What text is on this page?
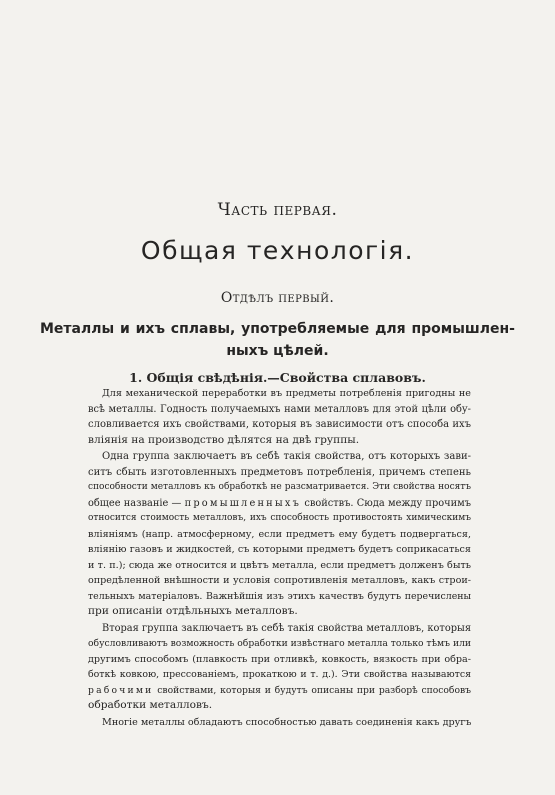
Часть первая.
Общая технологія.
Отдѣлъ первый.
Металлы и ихъ сплавы, употребляемые для промышлен-
ныхъ цѣлей.
1. Общія свѣдѣнія.—Свойства сплавовъ.
Для механической переработки въ предметы потребленія пригодны не
всѣ металлы. Годность получаемыхъ нами металловъ для этой цѣли обу-
словливается ихъ свойствами, которыя въ зависимости отъ способа ихъ
вліянія на производство дѣлятся на двѣ группы.
Одна группа заключаетъ въ себѣ такія свойства, отъ которыхъ зави-
ситъ сбыть изготовленныхъ предметовъ потребленія, причемъ степень
способности металловъ къ обработкѣ не разсматривается. Эти свойства носятъ
общее названіе — промышленныхъ свойствъ. Сюда между прочимъ
относится стоимость металловъ, ихъ способность противостоять химическимъ
вліяніямъ (напр. атмосферному, если предметъ ему будетъ подвергаться,
вліянію газовъ и жидкостей, съ которыми предметъ будетъ соприкасаться
и т. п.); сюда же относится и цвѣтъ металла, если предметъ долженъ быть
опредѣленной внѣшности и условія сопротивленія металловъ, какъ строи-
тельныхъ матеріаловъ. Важнѣйшія изъ этихъ качествъ будутъ перечислены
при описаніи отдѣльныхъ металловъ.
Вторая группа заключаетъ въ себѣ такія свойства металловъ, которыя
обусловливаютъ возможность обработки извѣстнаго металла только тѣмъ или
другимъ способомъ (плавкость при отливкѣ, ковкость, вязкость при обра-
боткѣ ковкою, прессованіемъ, прокаткою и т. д.). Эти свойства называются
рабочими свойствами, которыя и будутъ описаны при разборѣ способовъ
обработки металловъ.
Многіе металлы обладаютъ способностью давать соединенія какъ другъ
